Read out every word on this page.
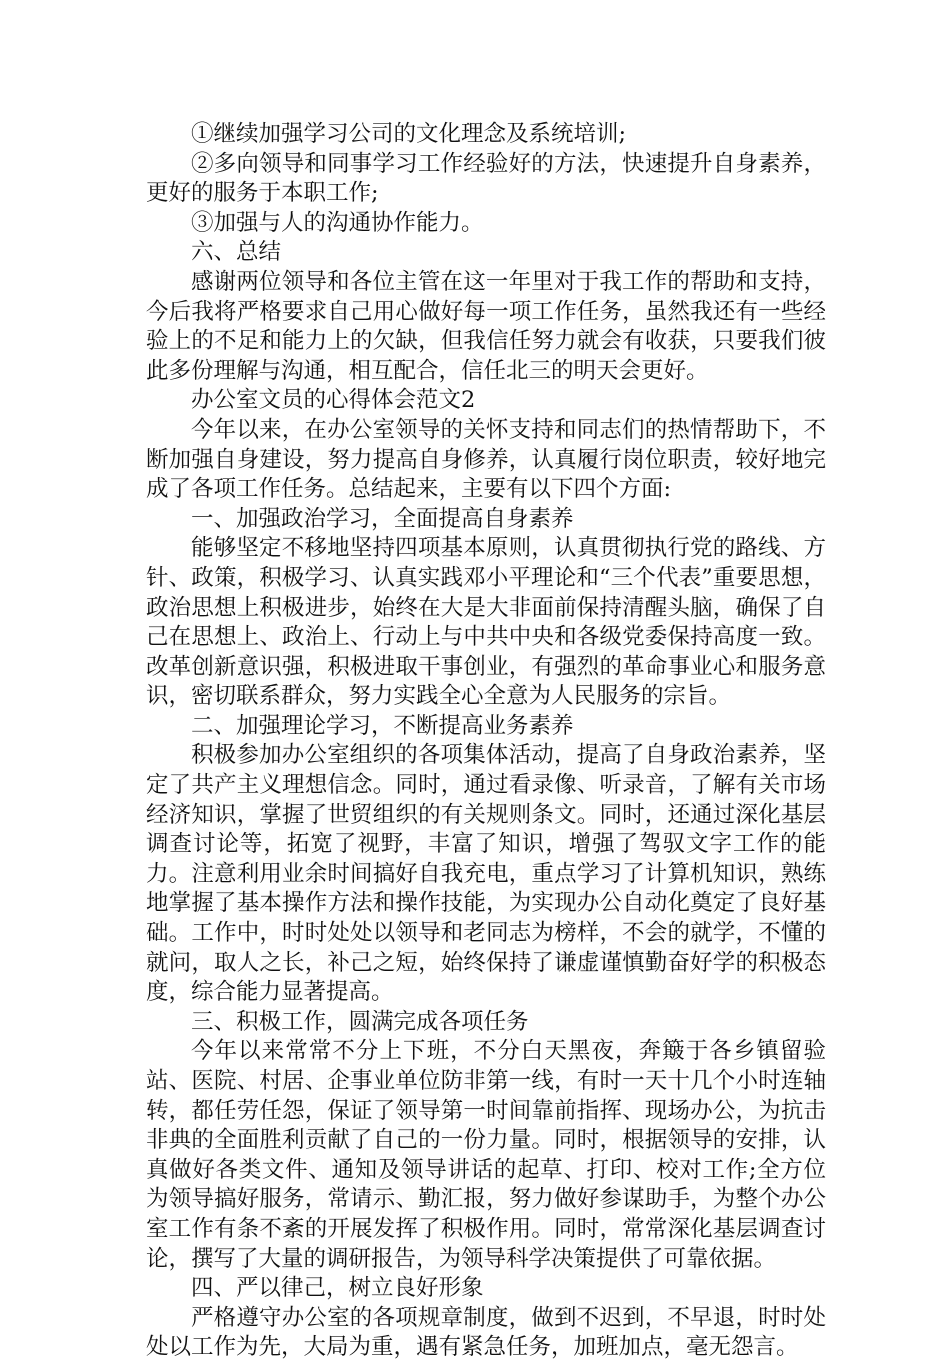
①继续加强学习公司的文化理念及系统培训;

②多向领导和同事学习工作经验好的方法，快速提升自身素养，更好的服务于本职工作;

③加强与人的沟通协作能力。

六、总结

感谢两位领导和各位主管在这一年里对于我工作的帮助和支持，今后我将严格要求自己用心做好每一项工作任务，虽然我还有一些经验上的不足和能力上的欠缺，但我信任努力就会有收获，只要我们彼此多份理解与沟通，相互配合，信任北三的明天会更好。

办公室文员的心得体会范文2

今年以来，在办公室领导的关怀支持和同志们的热情帮助下，不断加强自身建设，努力提高自身修养，认真履行岗位职责，较好地完成了各项工作任务。总结起来，主要有以下四个方面:

一、加强政治学习，全面提高自身素养

能够坚定不移地坚持四项基本原则，认真贯彻执行党的路线、方针、政策，积极学习、认真实践邓小平理论和“三个代表”重要思想，政治思想上积极进步，始终在大是大非面前保持清醒头脑，确保了自己在思想上、政治上、行动上与中共中央和各级党委保持高度一致。改革创新意识强，积极进取干事创业，有强烈的革命事业心和服务意识，密切联系群众，努力实践全心全意为人民服务的宗旨。

二、加强理论学习，不断提高业务素养

积极参加办公室组织的各项集体活动，提高了自身政治素养，坚定了共产主义理想信念。同时，通过看录像、听录音，了解有关市场经济知识，掌握了世贸组织的有关规则条文。同时，还通过深化基层调查讨论等，拓宽了视野，丰富了知识，增强了驾驭文字工作的能力。注意利用业余时间搞好自我充电，重点学习了计算机知识，熟练地掌握了基本操作方法和操作技能，为实现办公自动化奠定了良好基础。工作中，时时处处以领导和老同志为榜样，不会的就学，不懂的就问，取人之长，补己之短，始终保持了谦虚谨慎勤奋好学的积极态度，综合能力显著提高。

三、积极工作，圆满完成各项任务

今年以来常常不分上下班，不分白天黑夜，奔簸于各乡镇留验站、医院、村居、企事业单位防非第一线，有时一天十几个小时连轴转，都任劳任怨，保证了领导第一时间靠前指挥、现场办公，为抗击非典的全面胜利贡献了自己的一份力量。同时，根据领导的安排，认真做好各类文件、通知及领导讲话的起草、打印、校对工作;全方位为领导搞好服务，常请示、勤汇报，努力做好参谋助手，为整个办公室工作有条不紊的开展发挥了积极作用。同时，常常深化基层调查讨论，撰写了大量的调研报告，为领导科学决策提供了可靠依据。

四、严以律己，树立良好形象

严格遵守办公室的各项规章制度，做到不迟到，不早退，时时处处以工作为先，大局为重，遇有紧急任务，加班加点，毫无怨言。
